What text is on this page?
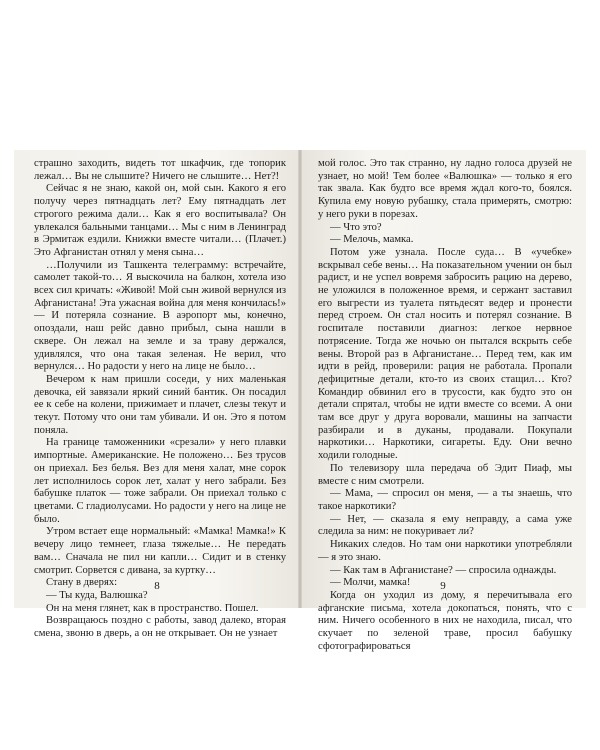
страшно заходить, видеть тот шкафчик, где топорик лежал… Вы не слышите? Ничего не слышите… Нет?!

Сейчас я не знаю, какой он, мой сын. Какого я его получу через пятнадцать лет? Ему пятнадцать лет строгого режима дали… Как я его воспитывала? Он увлекался бальными танцами… Мы с ним в Ленинград в Эрмитаж ездили. Книжки вместе читали… (Плачет.) Это Афганистан отнял у меня сына…

…Получили из Ташкента телеграмму: встречайте, самолет такой-то… Я выскочила на балкон, хотела изо всех сил кричать: «Живой! Мой сын живой вернулся из Афганистана! Эта ужасная война для меня кончилась!» — И потеряла сознание. В аэропорт мы, конечно, опоздали, наш рейс давно прибыл, сына нашли в сквере. Он лежал на земле и за траву держался, удивлялся, что она такая зеленая. Не верил, что вернулся… Но радости у него на лице не было…

Вечером к нам пришли соседи, у них маленькая девочка, ей завязали яркий синий бантик. Он посадил ее к себе на колени, прижимает и плачет, слезы текут и текут. Потому что они там убивали. И он. Это я потом поняла.

На границе таможенники «срезали» у него плавки импортные. Американские. Не положено… Без трусов он приехал. Без белья. Вез для меня халат, мне сорок лет исполнилось сорок лет, халат у него забрали. Без бабушке платок — тоже забрали. Он приехал только с цветами. С гладиолусами. Но радости у него на лице не было.

Утром встает еще нормальный: «Мамка! Мамка!» К вечеру лицо темнеет, глаза тяжелые… Не передать вам… Сначала не пил ни капли… Сидит и в стенку смотрит. Сорвется с дивана, за куртку…

Стану в дверях:

— Ты куда, Валюшка?

Он на меня глянет, как в пространство. Пошел.

Возвращаюсь поздно с работы, завод далеко, вторая смена, звоню в дверь, а он не открывает. Он не узнает

8

мой голос. Это так странно, ну ладно голоса друзей не узнает, но мой! Тем более «Валюшка» — только я его так звала. Как будто все время ждал кого-то, боялся. Купила ему новую рубашку, стала примерять, смотрю: у него руки в порезах.

— Что это?

— Мелочь, мамка.

Потом уже узнала. После суда… В «учебке» вскрывал себе вены… На показательном учении он был радист, и не успел вовремя забросить рацию на дерево, не уложился в положенное время, и сержант заставил его выгрести из туалета пятьдесят ведер и пронести перед строем. Он стал носить и потерял сознание. В госпитале поставили диагноз: легкое нервное потрясение. Тогда же ночью он пытался вскрыть себе вены. Второй раз в Афганистане… Перед тем, как им идти в рейд, проверили: рация не работала. Пропали дефицитные детали, кто-то из своих стащил… Кто? Командир обвинил его в трусости, как будто это он детали спрятал, чтобы не идти вместе со всеми. А они там все друг у друга воровали, машины на запчасти разбирали и в дуканы, продавали. Покупали наркотики… Наркотики, сигареты. Еду. Они вечно ходили голодные.

По телевизору шла передача об Эдит Пиаф, мы вместе с ним смотрели.

— Мама, — спросил он меня, — а ты знаешь, что такое наркотики?

— Нет, — сказала я ему неправду, а сама уже следила за ним: не покуривает ли?

Никаких следов. Но там они наркотики употребляли — я это знаю.

— Как там в Афганистане? — спросила однажды.

— Молчи, мамка!

Когда он уходил из дому, я перечитывала его афганские письма, хотела докопаться, понять, что с ним. Ничего особенного в них не находила, писал, что скучает по зеленой траве, просил бабушку сфотографироваться

9
